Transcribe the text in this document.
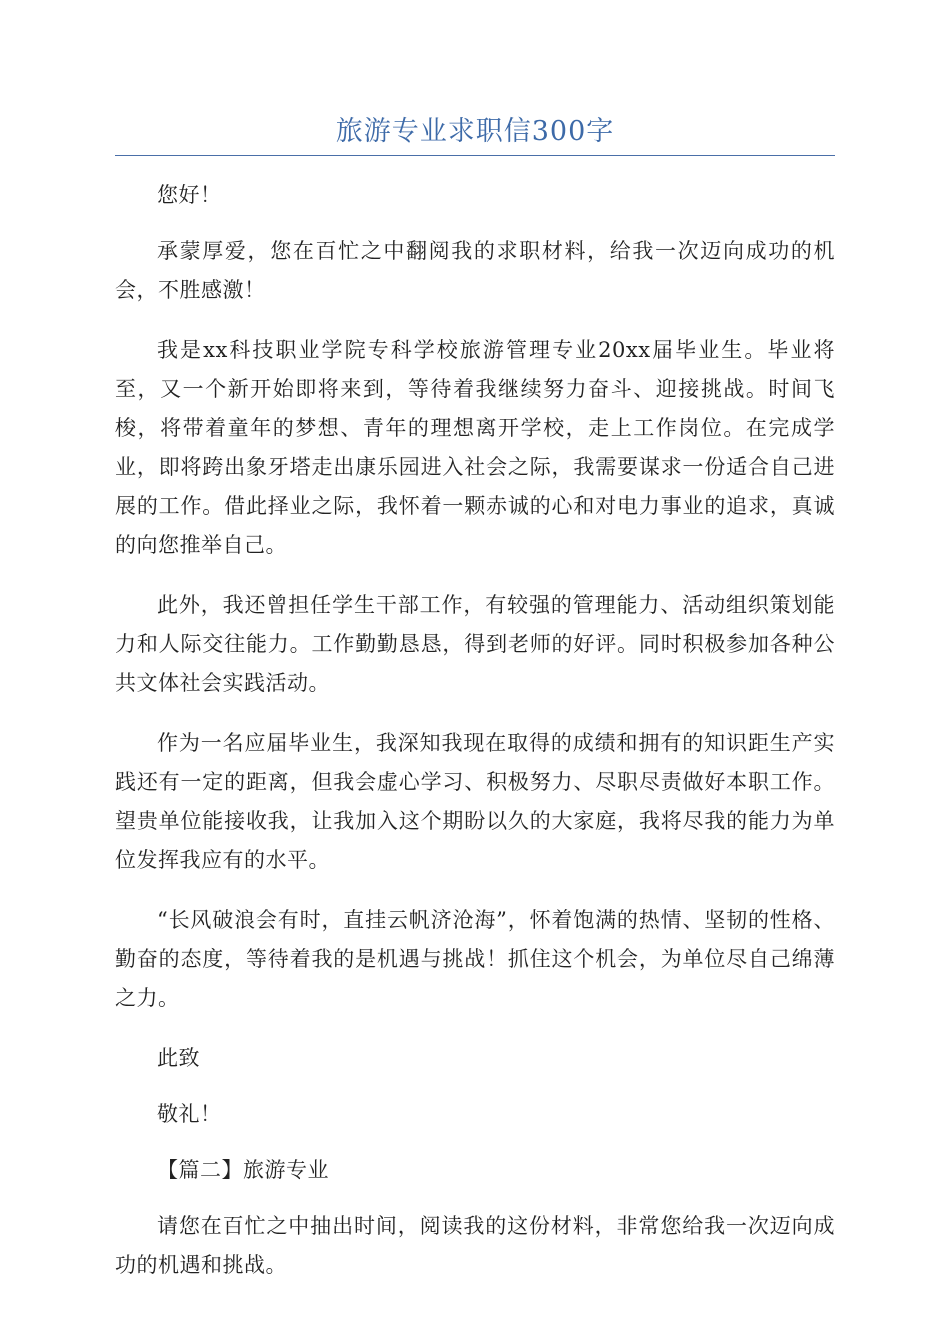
旅游专业求职信300字

您好！

承蒙厚爱，您在百忙之中翻阅我的求职材料，给我一次迈向成功的机会，不胜感激！

我是xx科技职业学院专科学校旅游管理专业20xx届毕业生。毕业将至，又一个新开始即将来到，等待着我继续努力奋斗、迎接挑战。时间飞梭，将带着童年的梦想、青年的理想离开学校，走上工作岗位。在完成学业，即将跨出象牙塔走出康乐园进入社会之际，我需要谋求一份适合自己进展的工作。借此择业之际，我怀着一颗赤诚的心和对电力事业的追求，真诚的向您推举自己。

此外，我还曾担任学生干部工作，有较强的管理能力、活动组织策划能力和人际交往能力。工作勤勤恳恳，得到老师的好评。同时积极参加各种公共文体社会实践活动。

作为一名应届毕业生，我深知我现在取得的成绩和拥有的知识距生产实践还有一定的距离，但我会虚心学习、积极努力、尽职尽责做好本职工作。望贵单位能接收我，让我加入这个期盼以久的大家庭，我将尽我的能力为单位发挥我应有的水平。

“长风破浪会有时，直挂云帆济沧海”，怀着饱满的热情、坚韧的性格、勤奋的态度，等待着我的是机遇与挑战！抓住这个机会，为单位尽自己绵薄之力。

此致

敬礼！

【篇二】旅游专业

请您在百忙之中抽出时间，阅读我的这份材料，非常您给我一次迈向成功的机遇和挑战。
